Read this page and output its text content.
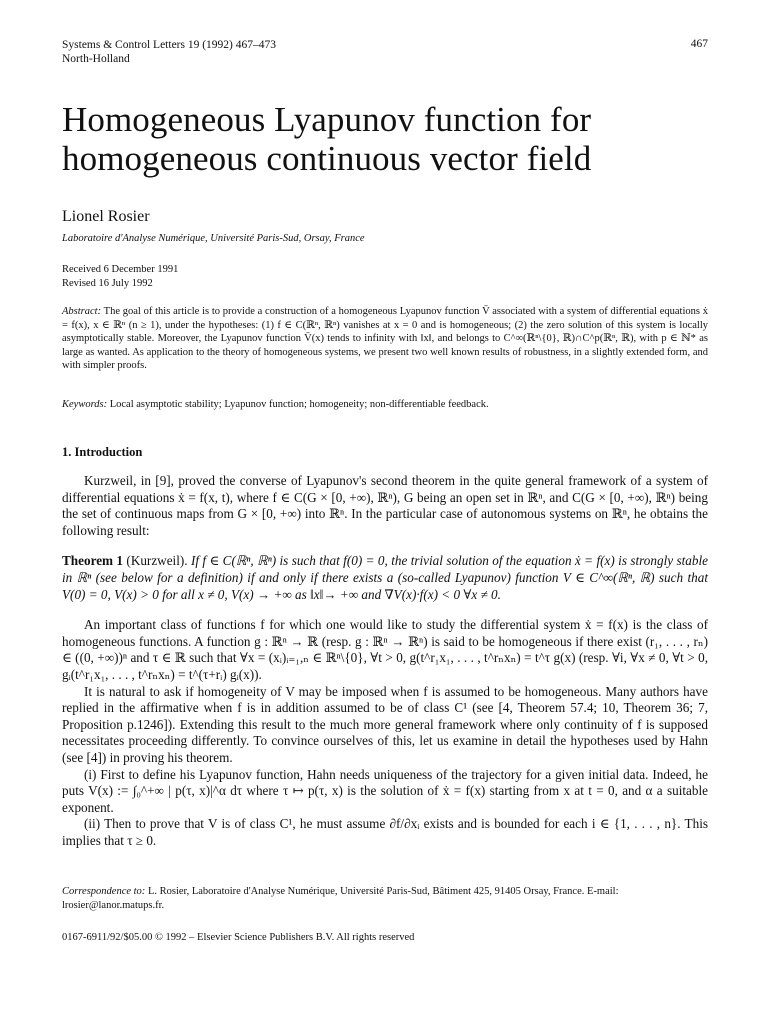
Systems & Control Letters 19 (1992) 467–473
North-Holland
467
Homogeneous Lyapunov function for
homogeneous continuous vector field
Lionel Rosier
Laboratoire d'Analyse Numérique, Université Paris-Sud, Orsay, France
Received 6 December 1991
Revised 16 July 1992
Abstract: The goal of this article is to provide a construction of a homogeneous Lyapunov function V̄ associated with a system of differential equations ẋ = f(x), x ∈ ℝⁿ (n ≥ 1), under the hypotheses: (1) f ∈ C(ℝⁿ, ℝⁿ) vanishes at x = 0 and is homogeneous; (2) the zero solution of this system is locally asymptotically stable. Moreover, the Lyapunov function V̄(x) tends to infinity with ‖x‖, and belongs to C^∞(ℝⁿ\{0}, ℝ)∩C^p(ℝⁿ, ℝ), with p ∈ ℕ* as large as wanted. As application to the theory of homogeneous systems, we present two well known results of robustness, in a slightly extended form, and with simpler proofs.
Keywords: Local asymptotic stability; Lyapunov function; homogeneity; non-differentiable feedback.
1. Introduction

Kurzweil, in [9], proved the converse of Lyapunov's second theorem in the quite general framework of a system of differential equations ẋ = f(x, t), where f ∈ C(G × [0, +∞), ℝⁿ), G being an open set in ℝⁿ, and C(G × [0, +∞), ℝⁿ) being the set of continuous maps from G × [0, +∞) into ℝⁿ. In the particular case of autonomous systems on ℝⁿ, he obtains the following result:

Theorem 1 (Kurzweil). If f ∈ C(ℝⁿ, ℝⁿ) is such that f(0) = 0, the trivial solution of the equation ẋ = f(x) is strongly stable in ℝⁿ (see below for a definition) if and only if there exists a (so-called Lyapunov) function V ∈ C^∞(ℝⁿ, ℝ) such that V(0) = 0, V(x) > 0 for all x ≠ 0, V(x) → +∞ as ‖x‖→ +∞ and ∇V(x)·f(x) < 0 ∀x ≠ 0.

An important class of functions f for which one would like to study the differential system ẋ = f(x) is the class of homogeneous functions. A function g : ℝⁿ → ℝ (resp. g : ℝⁿ → ℝⁿ) is said to be homogeneous if there exist (r₁, . . . , rₙ) ∈ ((0, +∞))ⁿ and τ ∈ ℝ such that ∀x = (xᵢ)ᵢ₌₁,ₙ ∈ ℝⁿ\{0}, ∀t > 0, g(t^r₁x₁, . . . , t^rₙxₙ) = t^τ g(x) (resp. ∀i, ∀x ≠ 0, ∀t > 0, gᵢ(t^r₁x₁, . . . , t^rₙxₙ) = t^(τ+rᵢ) gᵢ(x)).

It is natural to ask if homogeneity of V may be imposed when f is assumed to be homogeneous. Many authors have replied in the affirmative when f is in addition assumed to be of class C¹ (see [4, Theorem 57.4; 10, Theorem 36; 7, Proposition p.1246]). Extending this result to the much more general framework where only continuity of f is supposed necessitates proceeding differently. To convince ourselves of this, let us examine in detail the hypotheses used by Hahn (see [4]) in proving his theorem.

(i) First to define his Lyapunov function, Hahn needs uniqueness of the trajectory for a given initial data. Indeed, he puts V(x) := ∫₀^+∞ | p(τ, x)|^α dτ where τ ↦ p(τ, x) is the solution of ẋ = f(x) starting from x at t = 0, and α a suitable exponent.

(ii) Then to prove that V is of class C¹, he must assume ∂f/∂xᵢ exists and is bounded for each i ∈ {1, . . . , n}. This implies that τ ≥ 0.

Correspondence to: L. Rosier, Laboratoire d'Analyse Numérique, Université Paris-Sud, Bâtiment 425, 91405 Orsay, France. E-mail: lrosier@lanor.matups.fr.
0167-6911/92/$05.00 © 1992 – Elsevier Science Publishers B.V. All rights reserved
